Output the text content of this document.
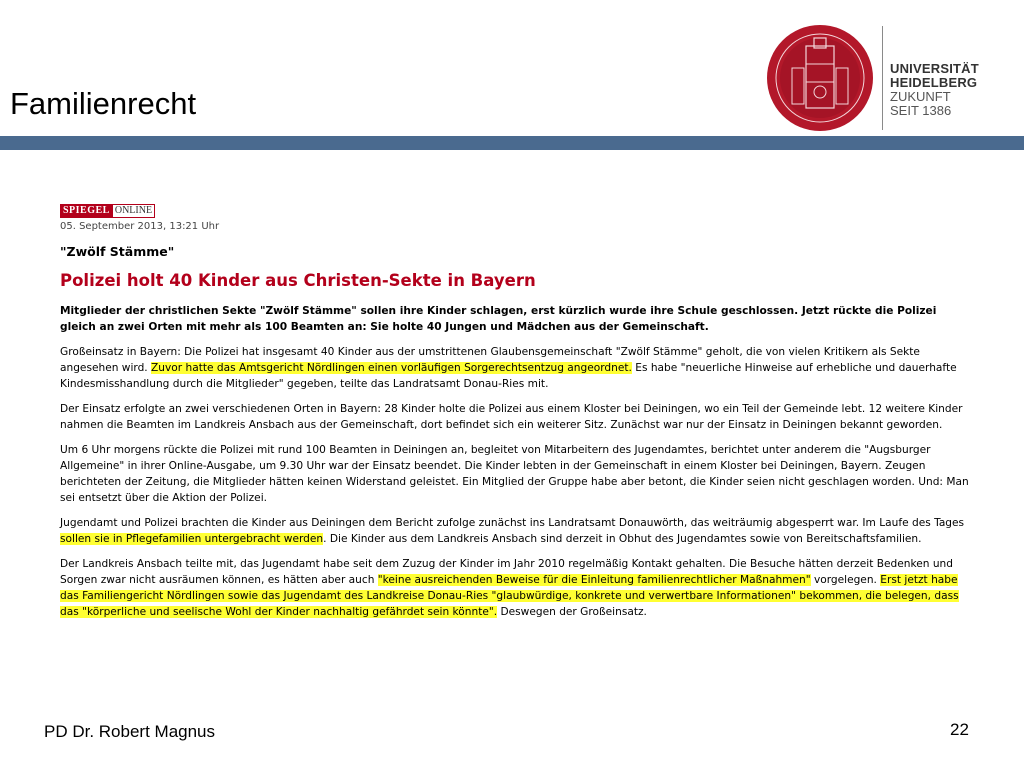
Familienrecht
UNIVERSITÄT
HEIDELBERG
ZUKUNFT
SEIT 1386
SPIEGEL ONLINE
05. September 2013, 13:21 Uhr
"Zwölf Stämme"
Polizei holt 40 Kinder aus Christen-Sekte in Bayern
Mitglieder der christlichen Sekte "Zwölf Stämme" sollen ihre Kinder schlagen, erst kürzlich wurde ihre Schule geschlossen. Jetzt rückte die Polizei gleich an zwei Orten mit mehr als 100 Beamten an: Sie holte 40 Jungen und Mädchen aus der Gemeinschaft.
Großeinsatz in Bayern: Die Polizei hat insgesamt 40 Kinder aus der umstrittenen Glaubensgemeinschaft "Zwölf Stämme" geholt, die von vielen Kritikern als Sekte angesehen wird. Zuvor hatte das Amtsgericht Nördlingen einen vorläufigen Sorgerechtsentzug angeordnet. Es habe "neuerliche Hinweise auf erhebliche und dauerhafte Kindesmisshandlung durch die Mitglieder" gegeben, teilte das Landratsamt Donau-Ries mit.
Der Einsatz erfolgte an zwei verschiedenen Orten in Bayern: 28 Kinder holte die Polizei aus einem Kloster bei Deiningen, wo ein Teil der Gemeinde lebt. 12 weitere Kinder nahmen die Beamten im Landkreis Ansbach aus der Gemeinschaft, dort befindet sich ein weiterer Sitz. Zunächst war nur der Einsatz in Deiningen bekannt geworden.
Um 6 Uhr morgens rückte die Polizei mit rund 100 Beamten in Deiningen an, begleitet von Mitarbeitern des Jugendamtes, berichtet unter anderem die "Augsburger Allgemeine" in ihrer Online-Ausgabe, um 9.30 Uhr war der Einsatz beendet. Die Kinder lebten in der Gemeinschaft in einem Kloster bei Deiningen, Bayern. Zeugen berichteten der Zeitung, die Mitglieder hätten keinen Widerstand geleistet. Ein Mitglied der Gruppe habe aber betont, die Kinder seien nicht geschlagen worden. Und: Man sei entsetzt über die Aktion der Polizei.
Jugendamt und Polizei brachten die Kinder aus Deiningen dem Bericht zufolge zunächst ins Landratsamt Donauwörth, das weiträumig abgesperrt war. Im Laufe des Tages sollen sie in Pflegefamilien untergebracht werden. Die Kinder aus dem Landkreis Ansbach sind derzeit in Obhut des Jugendamtes sowie von Bereitschaftsfamilien.
Der Landkreis Ansbach teilte mit, das Jugendamt habe seit dem Zuzug der Kinder im Jahr 2010 regelmäßig Kontakt gehalten. Die Besuche hätten derzeit Bedenken und Sorgen zwar nicht ausräumen können, es hätten aber auch "keine ausreichenden Beweise für die Einleitung familienrechtlicher Maßnahmen" vorgelegen. Erst jetzt habe das Familiengericht Nördlingen sowie das Jugendamt des Landkreise Donau-Ries "glaubwürdige, konkrete und verwertbare Informationen" bekommen, die belegen, dass das "körperliche und seelische Wohl der Kinder nachhaltig gefährdet sein könnte". Deswegen der Großeinsatz.
PD Dr. Robert Magnus	22
